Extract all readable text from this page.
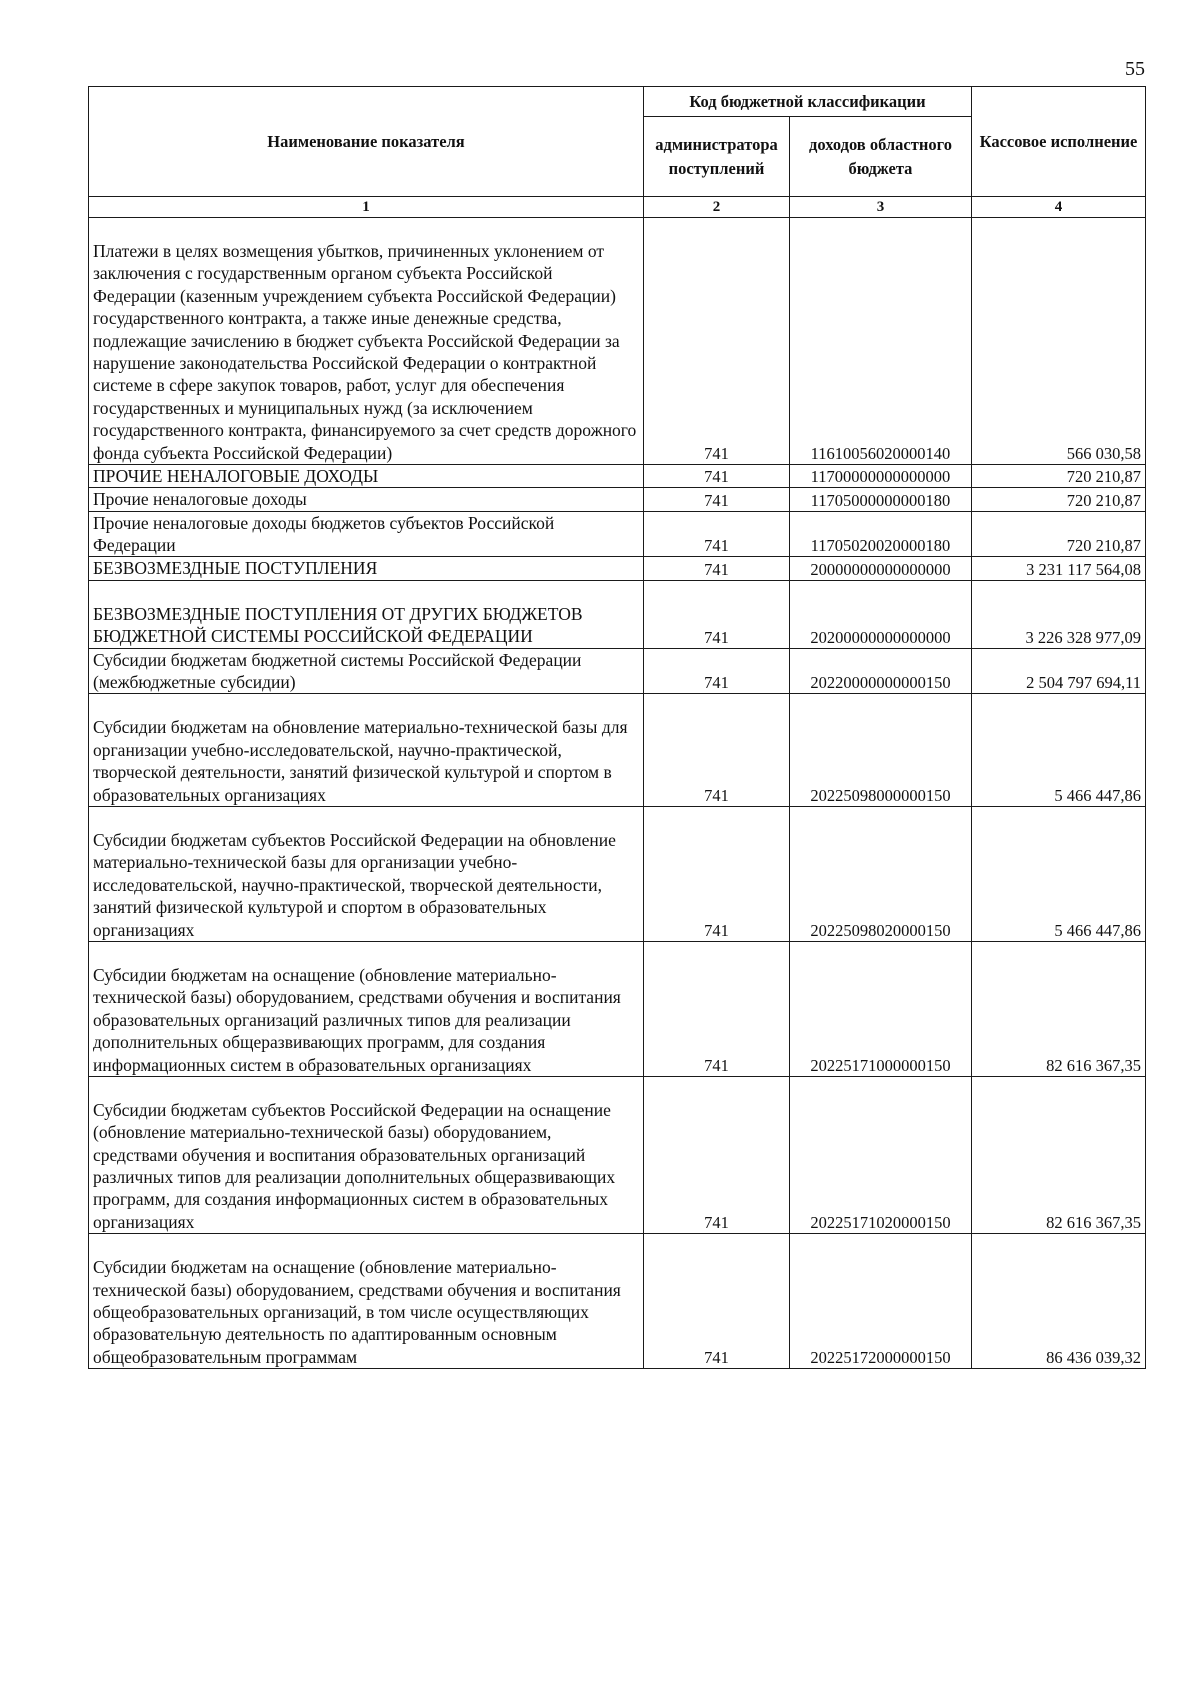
55
Наименование показателя	Код бюджетной классификации		Кассовое исполнение
	администратора поступлений	доходов областного бюджета	
1	2	3	4
Платежи в целях возмещения убытков, причиненных уклонением от заключения с государственным органом субъекта Российской Федерации (казенным учреждением субъекта Российской Федерации) государственного контракта, а также иные денежные средства, подлежащие зачислению в бюджет субъекта Российской Федерации за нарушение законодательства Российской Федерации о контрактной системе в сфере закупок товаров, работ, услуг для обеспечения государственных и муниципальных нужд (за исключением государственного контракта, финансируемого за счет средств дорожного фонда субъекта Российской Федерации)	741	11610056020000140	566 030,58
ПРОЧИЕ НЕНАЛОГОВЫЕ ДОХОДЫ	741	11700000000000000	720 210,87
Прочие неналоговые доходы	741	11705000000000180	720 210,87
Прочие неналоговые доходы бюджетов субъектов Российской Федерации	741	11705020020000180	720 210,87
БЕЗВОЗМЕЗДНЫЕ ПОСТУПЛЕНИЯ	741	20000000000000000	3 231 117 564,08
БЕЗВОЗМЕЗДНЫЕ ПОСТУПЛЕНИЯ ОТ ДРУГИХ БЮДЖЕТОВ БЮДЖЕТНОЙ СИСТЕМЫ РОССИЙСКОЙ ФЕДЕРАЦИИ	741	20200000000000000	3 226 328 977,09
Субсидии бюджетам бюджетной системы Российской Федерации (межбюджетные субсидии)	741	20220000000000150	2 504 797 694,11
Субсидии бюджетам на обновление материально-технической базы для организации учебно-исследовательской, научно-практической, творческой деятельности, занятий физической культурой и спортом в образовательных организациях	741	20225098000000150	5 466 447,86
Субсидии бюджетам субъектов Российской Федерации на обновление материально-технической базы для организации учебно-исследовательской, научно-практической, творческой деятельности, занятий физической культурой и спортом в образовательных организациях	741	20225098020000150	5 466 447,86
Субсидии бюджетам на оснащение (обновление материально-технической базы) оборудованием, средствами обучения и воспитания образовательных организаций различных типов для реализации дополнительных общеразвивающих программ, для создания информационных систем в образовательных организациях	741	20225171000000150	82 616 367,35
Субсидии бюджетам субъектов Российской Федерации на оснащение (обновление материально-технической базы) оборудованием, средствами обучения и воспитания образовательных организаций различных типов для реализации дополнительных общеразвивающих программ, для создания информационных систем в образовательных организациях	741	20225171020000150	82 616 367,35
Субсидии бюджетам на оснащение (обновление материально-технической базы) оборудованием, средствами обучения и воспитания общеобразовательных организаций, в том числе осуществляющих образовательную деятельность по адаптированным основным общеобразовательным программам	741	20225172000000150	86 436 039,32
